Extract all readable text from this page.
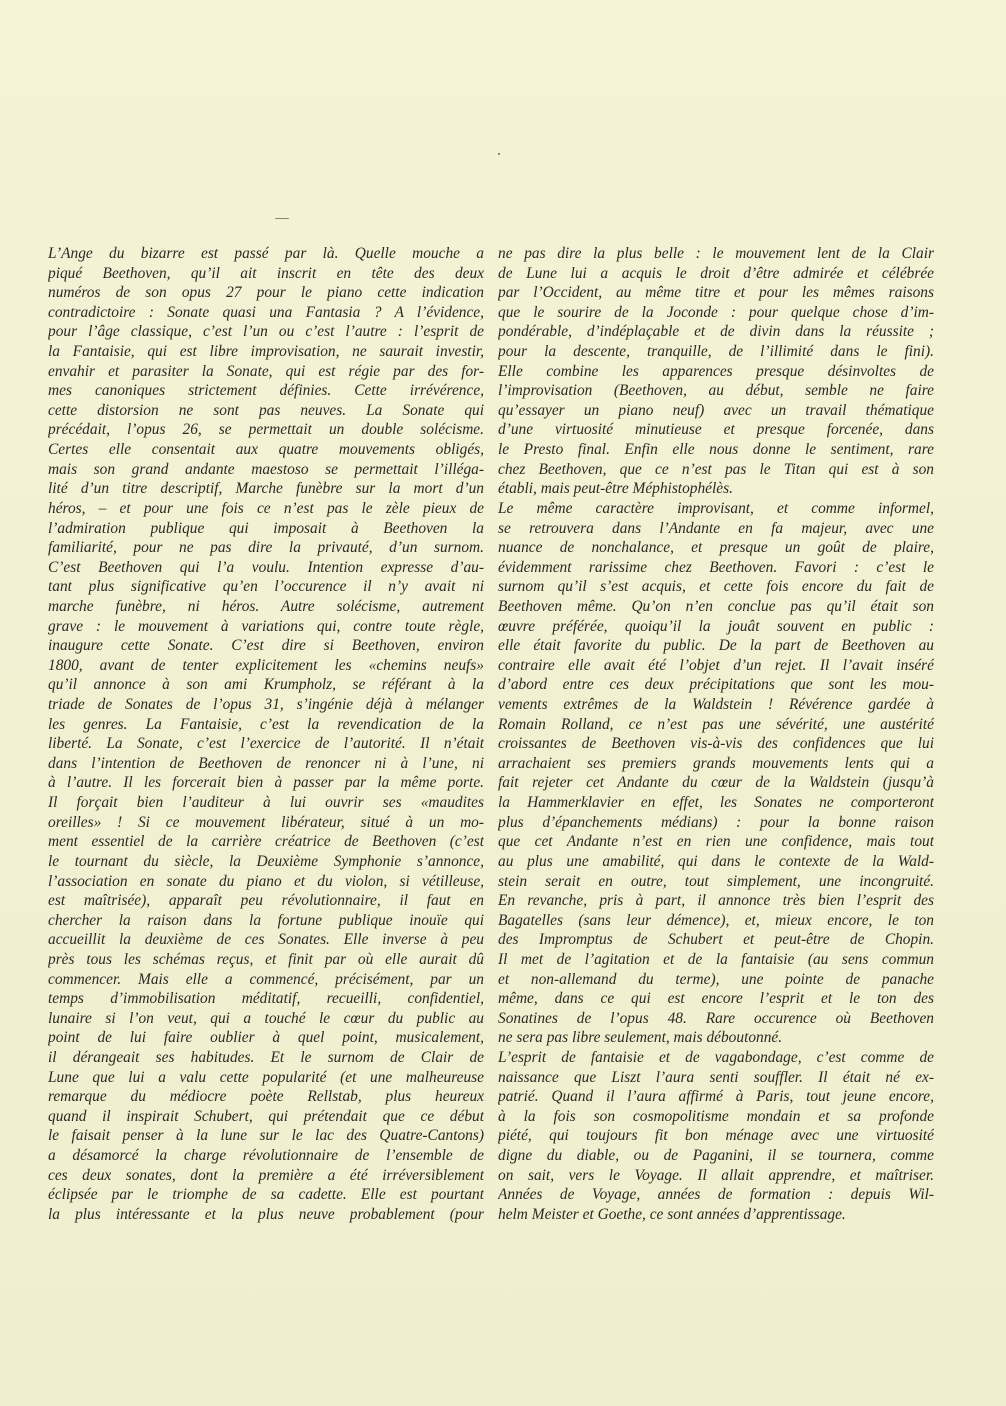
L’Ange du bizarre est passé par là. Quelle mouche a
piqué Beethoven, qu’il ait inscrit en tête des deux
numéros de son opus 27 pour le piano cette indication
contradictoire : Sonate quasi una Fantasia ? A l’évidence,
pour l’âge classique, c’est l’un ou c’est l’autre : l’esprit de
la Fantaisie, qui est libre improvisation, ne saurait investir,
envahir et parasiter la Sonate, qui est régie par des for-
mes canoniques strictement définies. Cette irrévérence,
cette distorsion ne sont pas neuves. La Sonate qui
précédait, l’opus 26, se permettait un double solécisme.
Certes elle consentait aux quatre mouvements obligés,
mais son grand andante maestoso se permettait l’illéga-
lité d’un titre descriptif, Marche funèbre sur la mort d’un
héros, – et pour une fois ce n’est pas le zèle pieux de
l’admiration publique qui imposait à Beethoven la
familiarité, pour ne pas dire la privauté, d’un surnom.
C’est Beethoven qui l’a voulu. Intention expresse d’au-
tant plus significative qu’en l’occurence il n’y avait ni
marche funèbre, ni héros. Autre solécisme, autrement
grave : le mouvement à variations qui, contre toute règle,
inaugure cette Sonate. C’est dire si Beethoven, environ
1800, avant de tenter explicitement les «chemins neufs»
qu’il annonce à son ami Krumpholz, se référant à la
triade de Sonates de l’opus 31, s’ingénie déjà à mélanger
les genres. La Fantaisie, c’est la revendication de la
liberté. La Sonate, c’est l’exercice de l’autorité. Il n’était
dans l’intention de Beethoven de renoncer ni à l’une, ni
à l’autre. Il les forcerait bien à passer par la même porte.
Il forçait bien l’auditeur à lui ouvrir ses «maudites
oreilles» ! Si ce mouvement libérateur, situé à un mo-
ment essentiel de la carrière créatrice de Beethoven (c’est
le tournant du siècle, la Deuxième Symphonie s’annonce,
l’association en sonate du piano et du violon, si vétilleuse,
est maîtrisée), apparaît peu révolutionnaire, il faut en
chercher la raison dans la fortune publique inouïe qui
accueillit la deuxième de ces Sonates. Elle inverse à peu
près tous les schémas reçus, et finit par où elle aurait dû
commencer. Mais elle a commencé, précisément, par un
temps d’immobilisation méditatif, recueilli, confidentiel,
lunaire si l’on veut, qui a touché le cœur du public au
point de lui faire oublier à quel point, musicalement,
il dérangeait ses habitudes. Et le surnom de Clair de
Lune que lui a valu cette popularité (et une malheureuse
remarque du médiocre poète Rellstab, plus heureux
quand il inspirait Schubert, qui prétendait que ce début
le faisait penser à la lune sur le lac des Quatre-Cantons)
a désamorcé la charge révolutionnaire de l’ensemble de
ces deux sonates, dont la première a été irréversiblement
éclipsée par le triomphe de sa cadette. Elle est pourtant
la plus intéressante et la plus neuve probablement (pour
ne pas dire la plus belle : le mouvement lent de la Clair
de Lune lui a acquis le droit d’être admirée et célébrée
par l’Occident, au même titre et pour les mêmes raisons
que le sourire de la Joconde : pour quelque chose d’im-
pondérable, d’indéplaçable et de divin dans la réussite ;
pour la descente, tranquille, de l’illimité dans le fini).
Elle combine les apparences presque désinvoltes de
l’improvisation (Beethoven, au début, semble ne faire
qu’essayer un piano neuf) avec un travail thématique
d’une virtuosité minutieuse et presque forcenée, dans
le Presto final. Enfin elle nous donne le sentiment, rare
chez Beethoven, que ce n’est pas le Titan qui est à son
établi, mais peut-être Méphistophélès.
Le même caractère improvisant, et comme informel,
se retrouvera dans l’Andante en fa majeur, avec une
nuance de nonchalance, et presque un goût de plaire,
évidemment rarissime chez Beethoven. Favori : c’est le
surnom qu’il s’est acquis, et cette fois encore du fait de
Beethoven même. Qu’on n’en conclue pas qu’il était son
œuvre préférée, quoiqu’il la jouât souvent en public :
elle était favorite du public. De la part de Beethoven au
contraire elle avait été l’objet d’un rejet. Il l’avait inséré
d’abord entre ces deux précipitations que sont les mou-
vements extrêmes de la Waldstein ! Révérence gardée à
Romain Rolland, ce n’est pas une sévérité, une austérité
croissantes de Beethoven vis-à-vis des confidences que lui
arrachaient ses premiers grands mouvements lents qui a
fait rejeter cet Andante du cœur de la Waldstein (jusqu’à
la Hammerklavier en effet, les Sonates ne comporteront
plus d’épanchements médians) : pour la bonne raison
que cet Andante n’est en rien une confidence, mais tout
au plus une amabilité, qui dans le contexte de la Wald-
stein serait en outre, tout simplement, une incongruité.
En revanche, pris à part, il annonce très bien l’esprit des
Bagatelles (sans leur démence), et, mieux encore, le ton
des Impromptus de Schubert et peut-être de Chopin.
Il met de l’agitation et de la fantaisie (au sens commun
et non-allemand du terme), une pointe de panache
même, dans ce qui est encore l’esprit et le ton des
Sonatines de l’opus 48. Rare occurence où Beethoven
ne sera pas libre seulement, mais déboutonné.
L’esprit de fantaisie et de vagabondage, c’est comme de
naissance que Liszt l’aura senti souffler. Il était né ex-
patrié. Quand il l’aura affirmé à Paris, tout jeune encore,
à la fois son cosmopolitisme mondain et sa profonde
piété, qui toujours fit bon ménage avec une virtuosité
digne du diable, ou de Paganini, il se tournera, comme
on sait, vers le Voyage. Il allait apprendre, et maîtriser.
Années de Voyage, années de formation : depuis Wil-
helm Meister et Goethe, ce sont années d’apprentissage.
